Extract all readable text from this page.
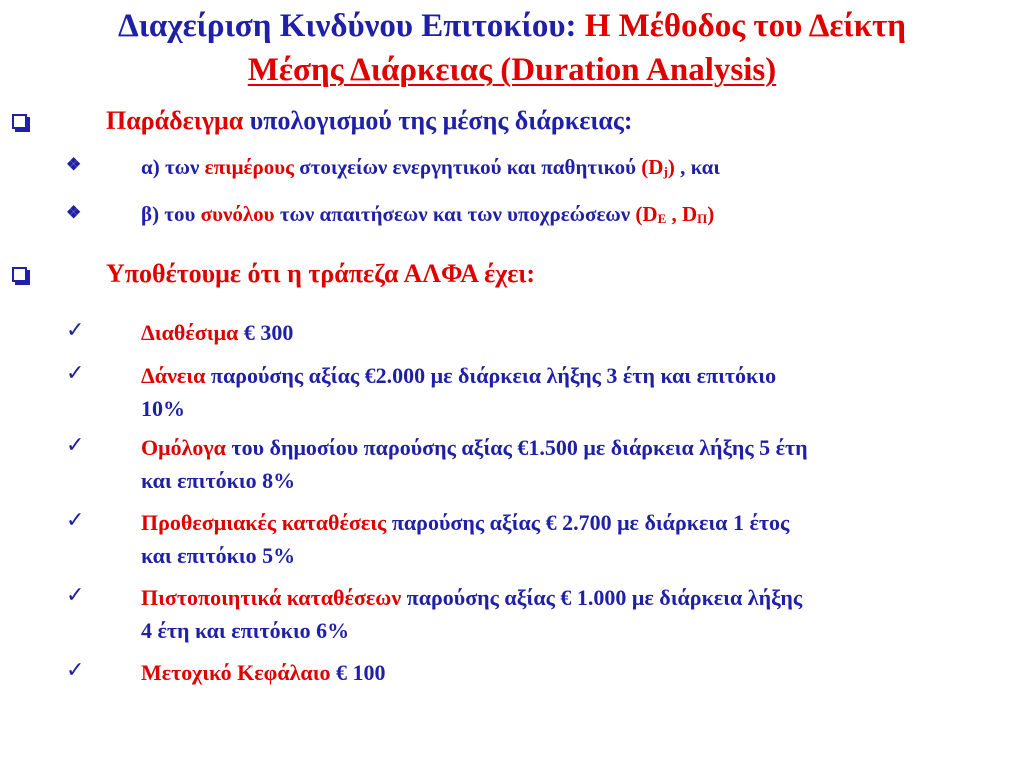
Διαχείριση Κινδύνου Επιτοκίου: Η Μέθοδος του Δείκτη
Μέσης Διάρκειας (Duration Analysis)
Παράδειγμα υπολογισμού της μέσης διάρκειας:
❖	α) των επιμέρους στοιχείων ενεργητικού και παθητικού $(D_j)$ , και
❖	β) του συνόλου των απαιτήσεων και των υποχρεώσεων ($D_E$ , $D_\Pi$)
Υποθέτουμε ότι η τράπεζα ΑΛΦΑ έχει:
✓	Διαθέσιμα € 300
✓	Δάνεια παρούσης αξίας €2.000 με διάρκεια λήξης 3 έτη και επιτόκιο
10%
✓	Ομόλογα του δημοσίου παρούσης αξίας €1.500 με διάρκεια λήξης 5 έτη
και επιτόκιο 8%
✓	Προθεσμιακές καταθέσεις παρούσης αξίας € 2.700 με διάρκεια 1 έτος
και επιτόκιο 5%
✓	Πιστοποιητικά καταθέσεων παρούσης αξίας € 1.000 με διάρκεια λήξης
4 έτη και επιτόκιο 6%
✓	Μετοχικό Κεφάλαιο € 100
